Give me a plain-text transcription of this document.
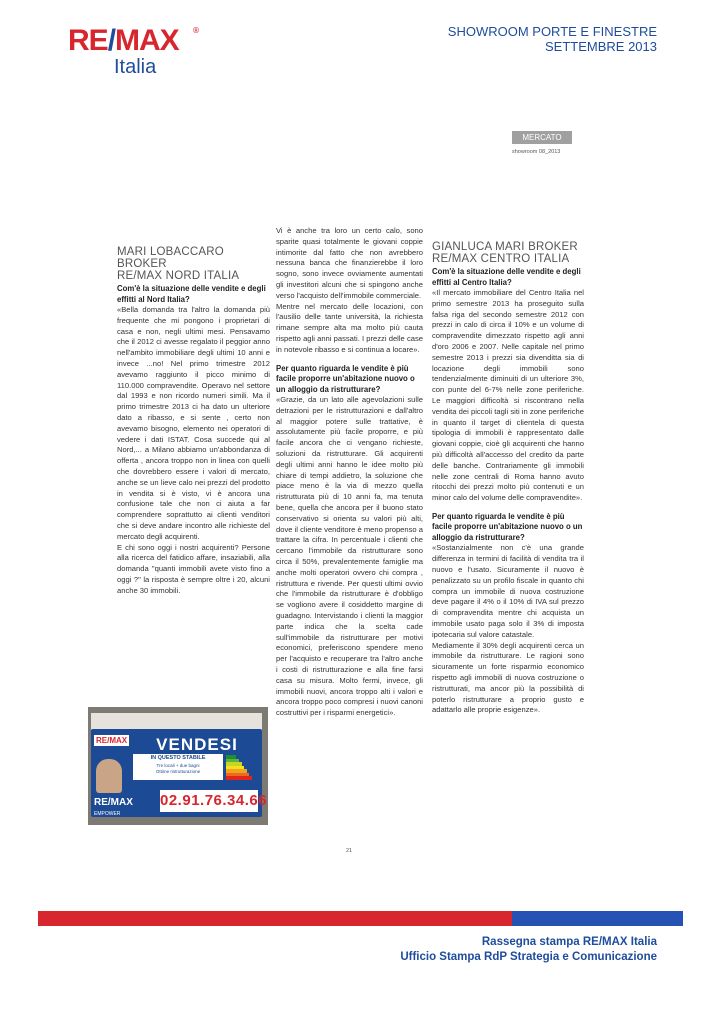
RE/MAX	®
Italia
SHOWROOM PORTE E FINESTRE
SETTEMBRE 2013
MERCATO
showroom 08_2013
MARI LOBACCARO BROKER
RE/MAX NORD ITALIA
Com'è la situazione delle vendite e degli effitti al Nord Italia?

«Bella domanda tra l'altro la domanda più frequente che mi pongono i proprietari di casa e non, negli ultimi mesi. Pensavamo che il 2012 ci avesse regalato il peggior anno nell'ambito immobiliare degli ultimi 10 anni e invece ...no! Nel primo trimestre 2012 avevamo raggiunto il picco minimo di 110.000 compravendite. Operavo nel settore dal 1993 e non ricordo numeri simili. Ma il primo trimestre 2013 ci ha dato un ulteriore dato a ribasso, e si sente , certo non avevamo bisogno, elemento nei operatori di vedere i dati ISTAT. Cosa succede qui al Nord,... a Milano abbiamo un'abbondanza di offerta , ancora troppo non in linea con quelli che dovrebbero essere i valori di mercato, anche se un lieve calo nei prezzi del prodotto in vendita si è visto, vi è ancora una confusione tale che non ci aiuta a far comprendere soprattutto ai clienti venditori che si deve andare incontro alle richieste del mercato degli acquirenti.

E chi sono oggi i nostri acquirenti? Persone alla ricerca del fatidico affare, insaziabili, alla domanda "quanti immobili avete visto fino a oggi ?" la risposta è sempre oltre i 20, alcuni anche 30 immobili.

Vi è anche tra loro un certo calo, sono sparite quasi totalmente le giovani coppie intimorite dal fatto che non avrebbero nessuna banca che finanzierebbe il loro sogno, sono invece ovviamente aumentati gli investitori alcuni che si spingono anche verso l'acquisto dell'immobile commerciale.

Mentre nel mercato delle locazioni, con l'ausilio delle tante università, la richiesta rimane sempre alta ma molto più cauta rispetto agli anni passati. I prezzi delle case in notevole ribasso e si continua a locare».

Per quanto riguarda le vendite è più facile proporre un'abitazione nuovo o un alloggio da ristrutturare?

«Grazie, da un lato alle agevolazioni sulle detrazioni per le ristrutturazioni e dall'altro al maggior potere sulle trattative, è assolutamente più facile proporre, e più facile ancora che ci vengano richieste, soluzioni da ristrutturare. Gli acquirenti degli ultimi anni hanno le idee molto più chiare di tempi addietro, la soluzione che piace meno è la via di mezzo quella ristrutturata più di 10 anni fa, ma tenuta bene, quella che ancora per il buono stato conservativo si orienta su valori più alti, dove il cliente venditore è meno propenso a trattare la cifra. In percentuale i clienti che cercano l'immobile da ristrutturare sono circa il 50%, prevalentemente famiglie ma anche molti operatori ovvero chi compra , ristruttura e rivende. Per questi ultimi ovvio che l'immobile da ristrutturare è d'obbligo se vogliono avere il cosiddetto margine di guadagno. Intervistando i clienti la maggior parte indica che la scelta cade sull'immobile da ristrutturare per motivi economici, preferiscono spendere meno per l'acquisto e recuperare tra l'altro anche i costi di ristrutturazione e alla fine farsi casa su misura. Molto fermi, invece, gli immobili nuovi, ancora troppo alti i valori e ancora troppo poco compresi i nuovi canoni costruttivi per i risparmi energetici».

GIANLUCA MARI BROKER
RE/MAX CENTRO ITALIA
Com'è la situazione delle vendite e degli effitti al Centro Italia?

«Il mercato immobiliare del Centro Italia nel primo semestre 2013 ha proseguito sulla falsa riga del secondo semestre 2012 con prezzi in calo di circa il 10% e un volume di compravendite dimezzato rispetto agli anni d'oro 2006 e 2007. Nelle capitale nel primo semestre 2013 i prezzi sia divenditta sia di locazione degli immobili sono tendenzialmente diminuiti di un ulteriore 3%, con punte del 6-7% nelle zone periferiche. Le maggiori difficoltà si riscontrano nella vendita dei piccoli tagli siti in zone periferiche in quanto il target di clientela di questa tipologia di immobili è rappresentato dalle giovani coppie, cioè gli acquirenti che hanno più difficoltà all'accesso del credito da parte delle banche. Contrariamente gli immobili nelle zone centrali di Roma hanno avuto ritocchi dei prezzi molto più contenuti e un minor calo del volume delle compravendite».

Per quanto riguarda le vendite è più facile proporre un'abitazione nuovo o un alloggio da ristrutturare?

«Sostanzialmente non c'è una grande differenza in termini di facilità di vendita tra il nuovo e l'usato. Sicuramente il nuovo è penalizzato su un profilo fiscale in quanto chi compra un immobile di nuova costruzione deve pagare il 4% o il 10% di IVA sul prezzo di compravendita mentre chi acquista un immobile usato paga solo il 3% di imposta ipotecaria sul valore catastale.

Mediamente il 30% degli acquirenti cerca un immobile da ristrutturare. Le ragioni sono sicuramente un forte risparmio economico rispetto agli immobili di nuova costruzione o ristrutturati, ma ancor più la possibilità di poterlo ristrutturare a proprio gusto e adattarlo alle proprie esigenze».

RE/MAX	VENDESI
IN QUESTO STABILE
Tre locali + due bagni
Ottime ristrutturazione
RE/MAX
EMPOWER
02.91.76.34.66
21
Rassegna stampa RE/MAX Italia
Ufficio Stampa RdP Strategia e Comunicazione
